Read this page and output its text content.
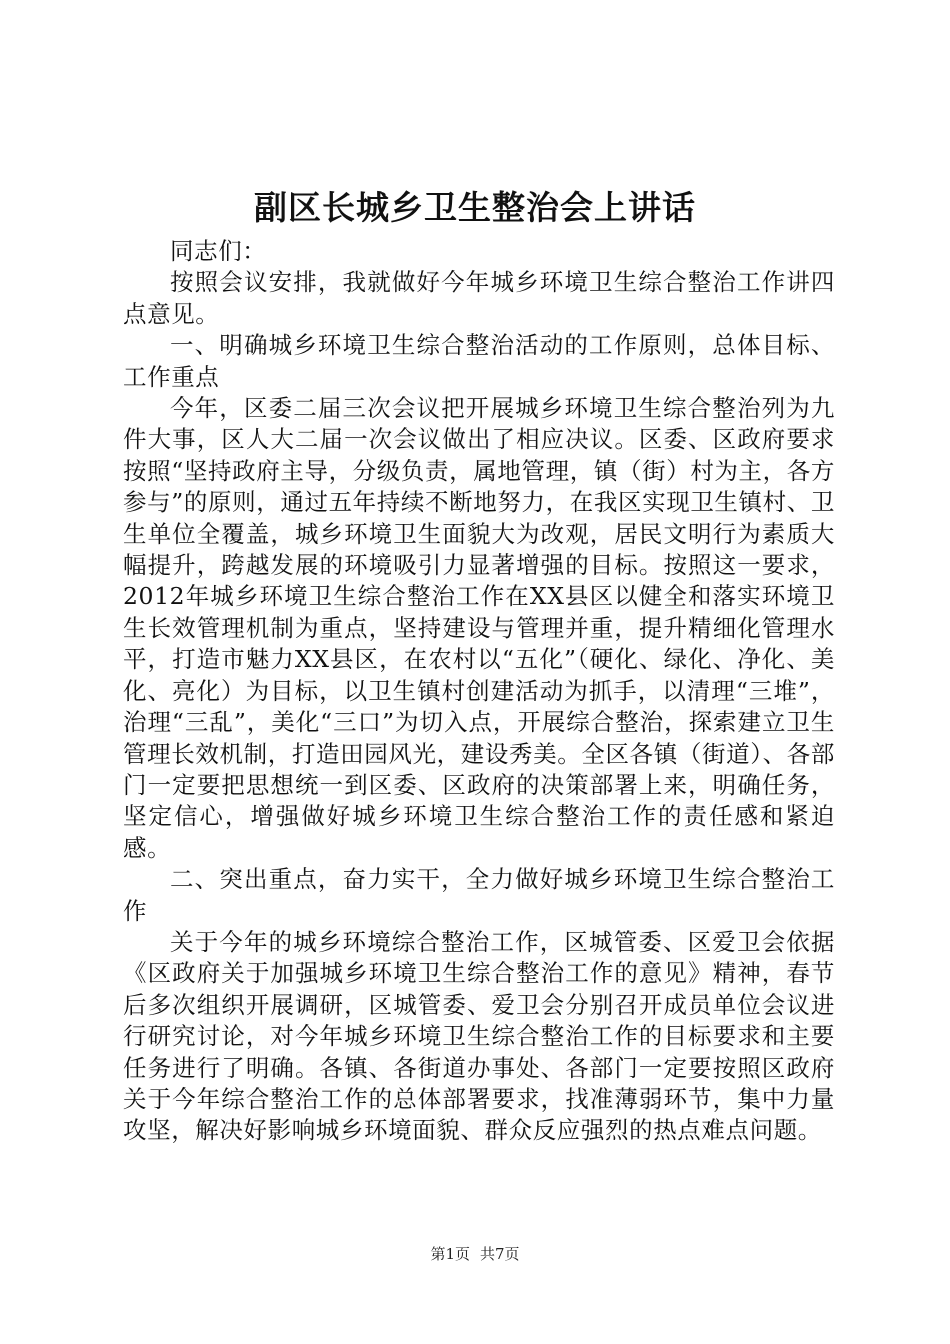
副区长城乡卫生整治会上讲话

同志们：

按照会议安排，我就做好今年城乡环境卫生综合整治工作讲四点意见。

一、明确城乡环境卫生综合整治活动的工作原则，总体目标、工作重点

今年，区委二届三次会议把开展城乡环境卫生综合整治列为九件大事，区人大二届一次会议做出了相应决议。区委、区政府要求按照“坚持政府主导，分级负责，属地管理，镇（街）村为主，各方参与”的原则，通过五年持续不断地努力，在我区实现卫生镇村、卫生单位全覆盖，城乡环境卫生面貌大为改观，居民文明行为素质大幅提升，跨越发展的环境吸引力显著增强的目标。按照这一要求，2012年城乡环境卫生综合整治工作在XX县区以健全和落实环境卫生长效管理机制为重点，坚持建设与管理并重，提升精细化管理水平，打造市魅力XX县区，在农村以“五化”（硬化、绿化、净化、美化、亮化）为目标，以卫生镇村创建活动为抓手，以清理“三堆”，治理“三乱”，美化“三口”为切入点，开展综合整治，探索建立卫生管理长效机制，打造田园风光，建设秀美。全区各镇（街道）、各部门一定要把思想统一到区委、区政府的决策部署上来，明确任务，坚定信心，增强做好城乡环境卫生综合整治工作的责任感和紧迫感。

二、突出重点，奋力实干，全力做好城乡环境卫生综合整治工作

关于今年的城乡环境综合整治工作，区城管委、区爱卫会依据《区政府关于加强城乡环境卫生综合整治工作的意见》精神，春节后多次组织开展调研，区城管委、爱卫会分别召开成员单位会议进行研究讨论，对今年城乡环境卫生综合整治工作的目标要求和主要任务进行了明确。各镇、各街道办事处、各部门一定要按照区政府关于今年综合整治工作的总体部署要求，找准薄弱环节，集中力量攻坚，解决好影响城乡环境面貌、群众反应强烈的热点难点问题。

第1页 共7页
